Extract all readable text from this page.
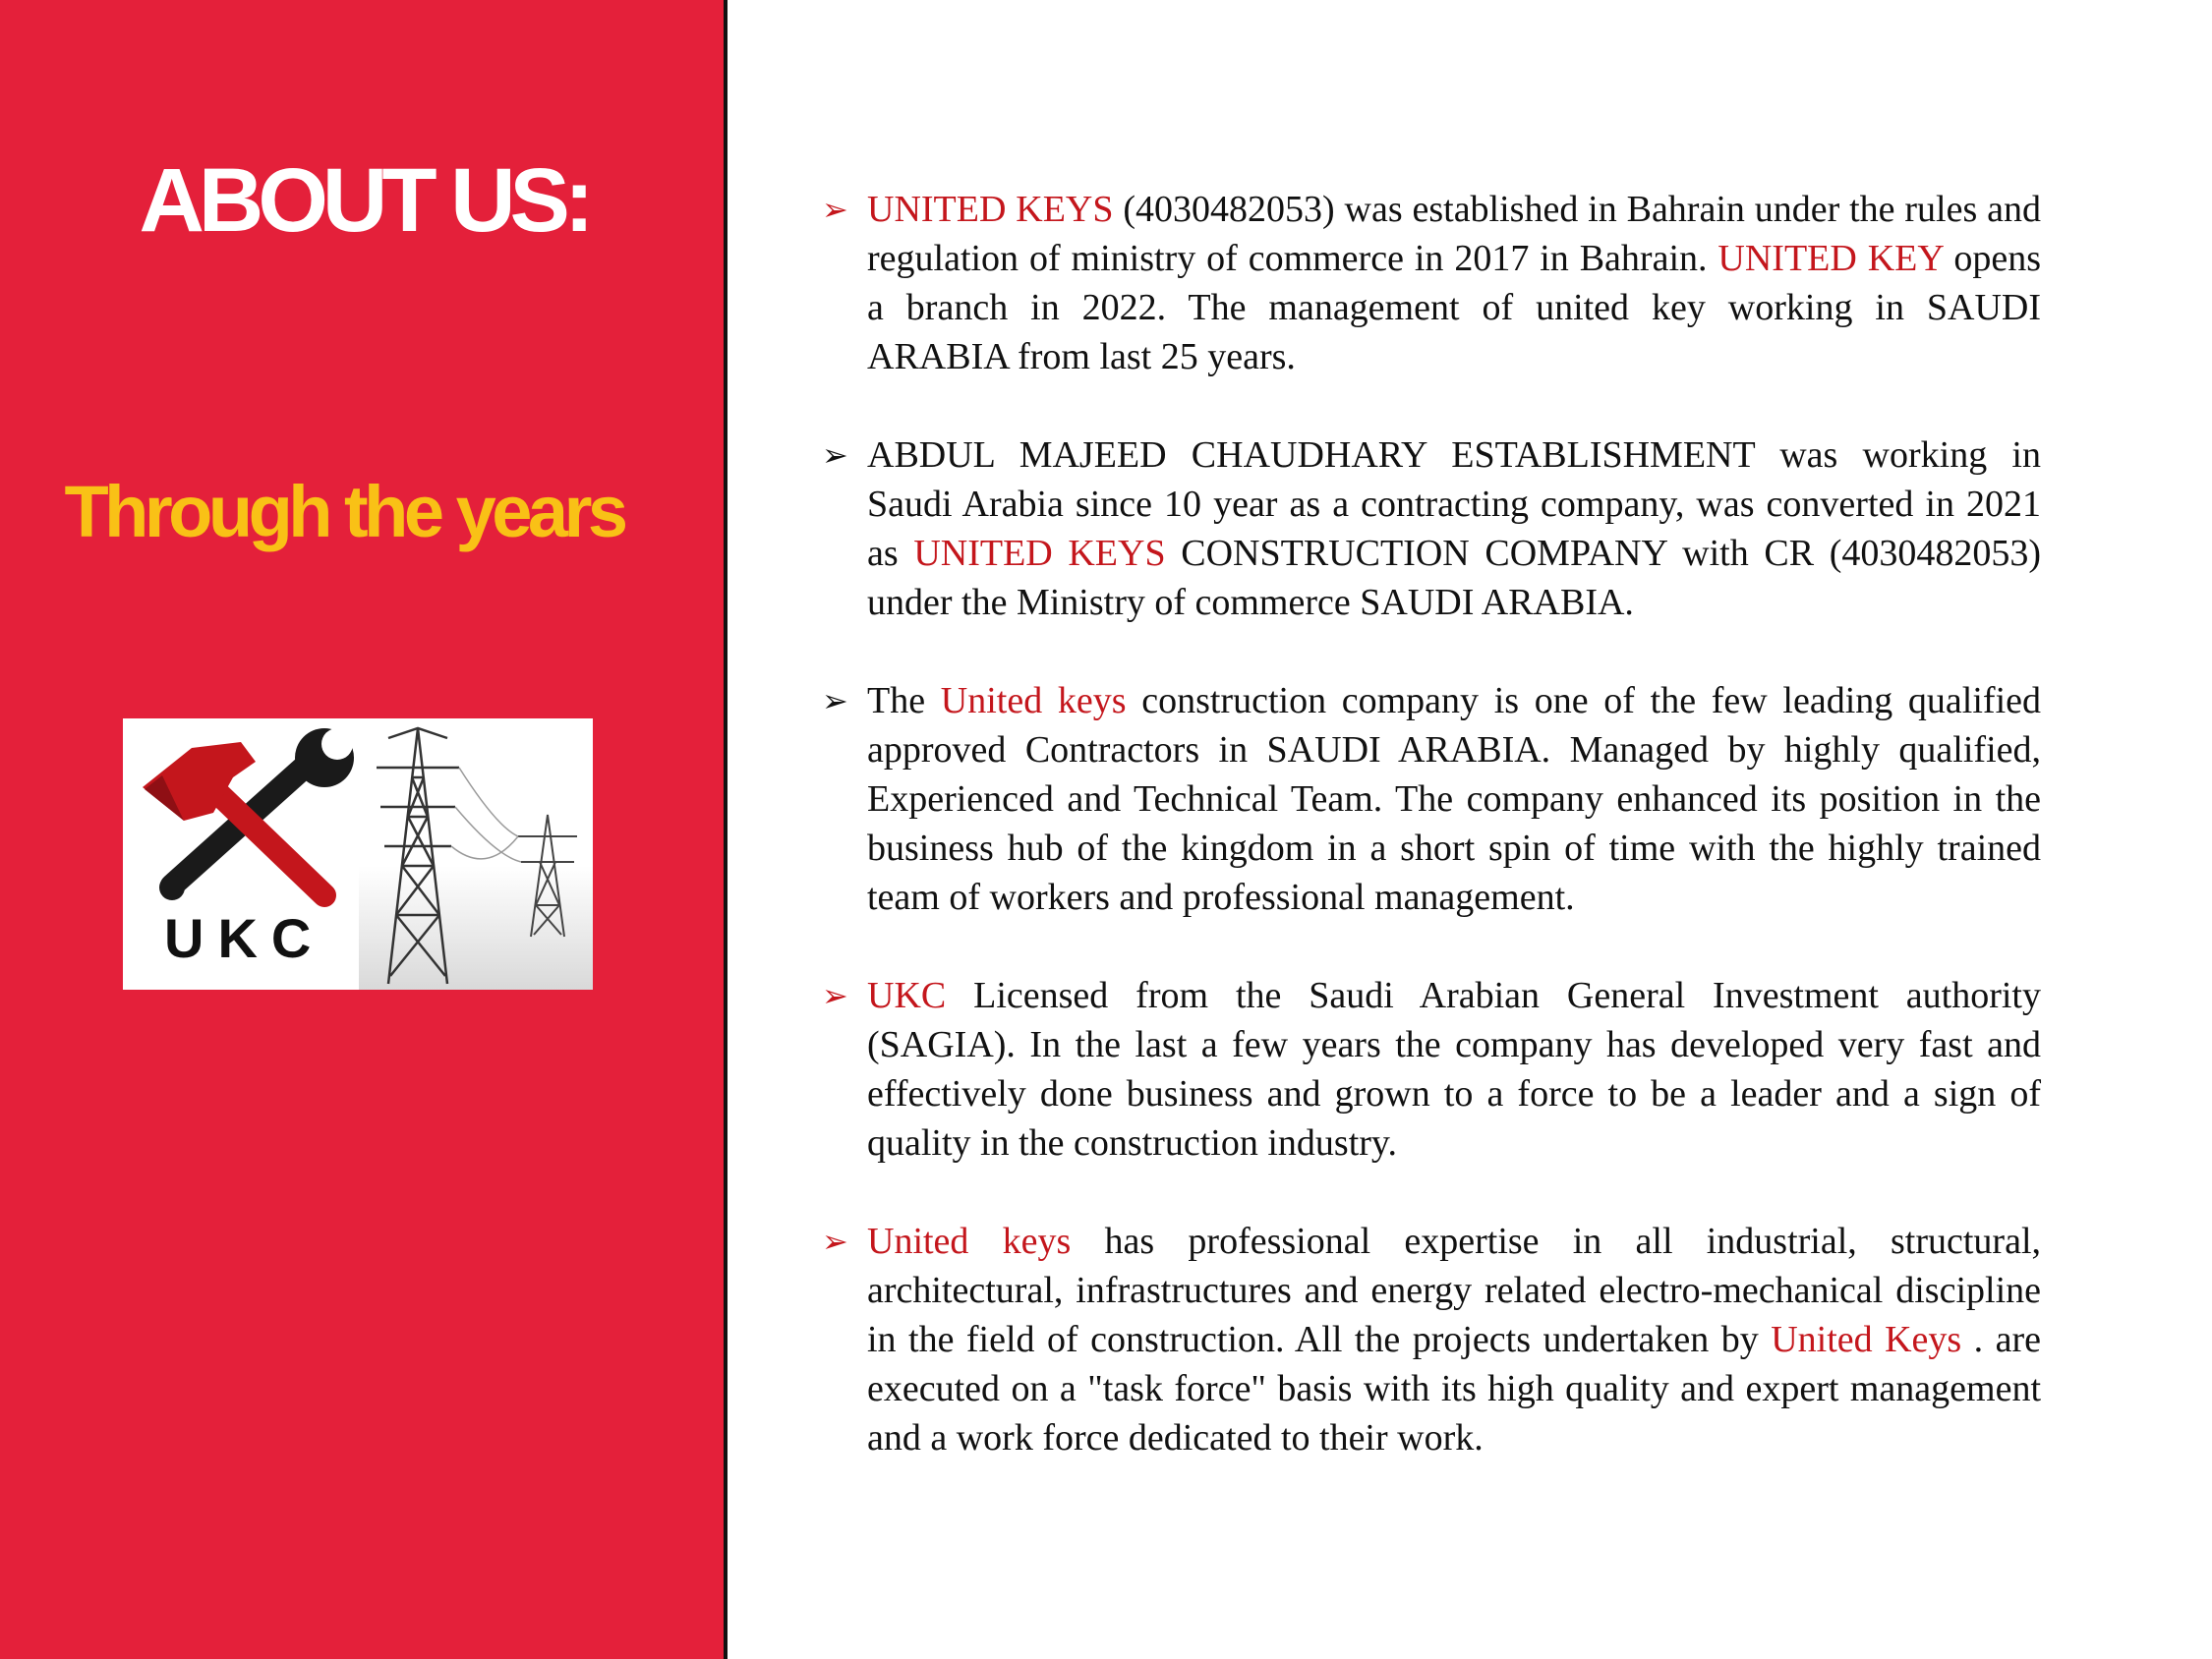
ABOUT US:
Through the years
UKC
➢ UNITED KEYS (4030482053) was established in Bahrain under the rules and regulation of ministry of commerce in 2017 in Bahrain. UNITED KEY opens a branch in 2022. The management of united key working in SAUDI ARABIA from last 25 years.
➢ ABDUL MAJEED CHAUDHARY ESTABLISHMENT was working in Saudi Arabia since 10 year as a contracting company, was converted in 2021 as UNITED KEYS CONSTRUCTION COMPANY with CR (4030482053) under the Ministry of commerce SAUDI ARABIA.
➢ The United keys construction company is one of the few leading qualified approved Contractors in SAUDI ARABIA. Managed by highly qualified, Experienced and Technical Team. The company enhanced its position in the business hub of the kingdom in a short spin of time with the highly trained team of workers and professional management.
➢ UKC Licensed from the Saudi Arabian General Investment authority (SAGIA). In the last a few years the company has developed very fast and effectively done business and grown to a force to be a leader and a sign of quality in the construction industry.
➢ United keys has professional expertise in all industrial, structural, architectural, infrastructures and energy related electro-mechanical discipline in the field of construction. All the projects undertaken by United Keys . are executed on a "task force" basis with its high quality and expert management and a work force dedicated to their work.
